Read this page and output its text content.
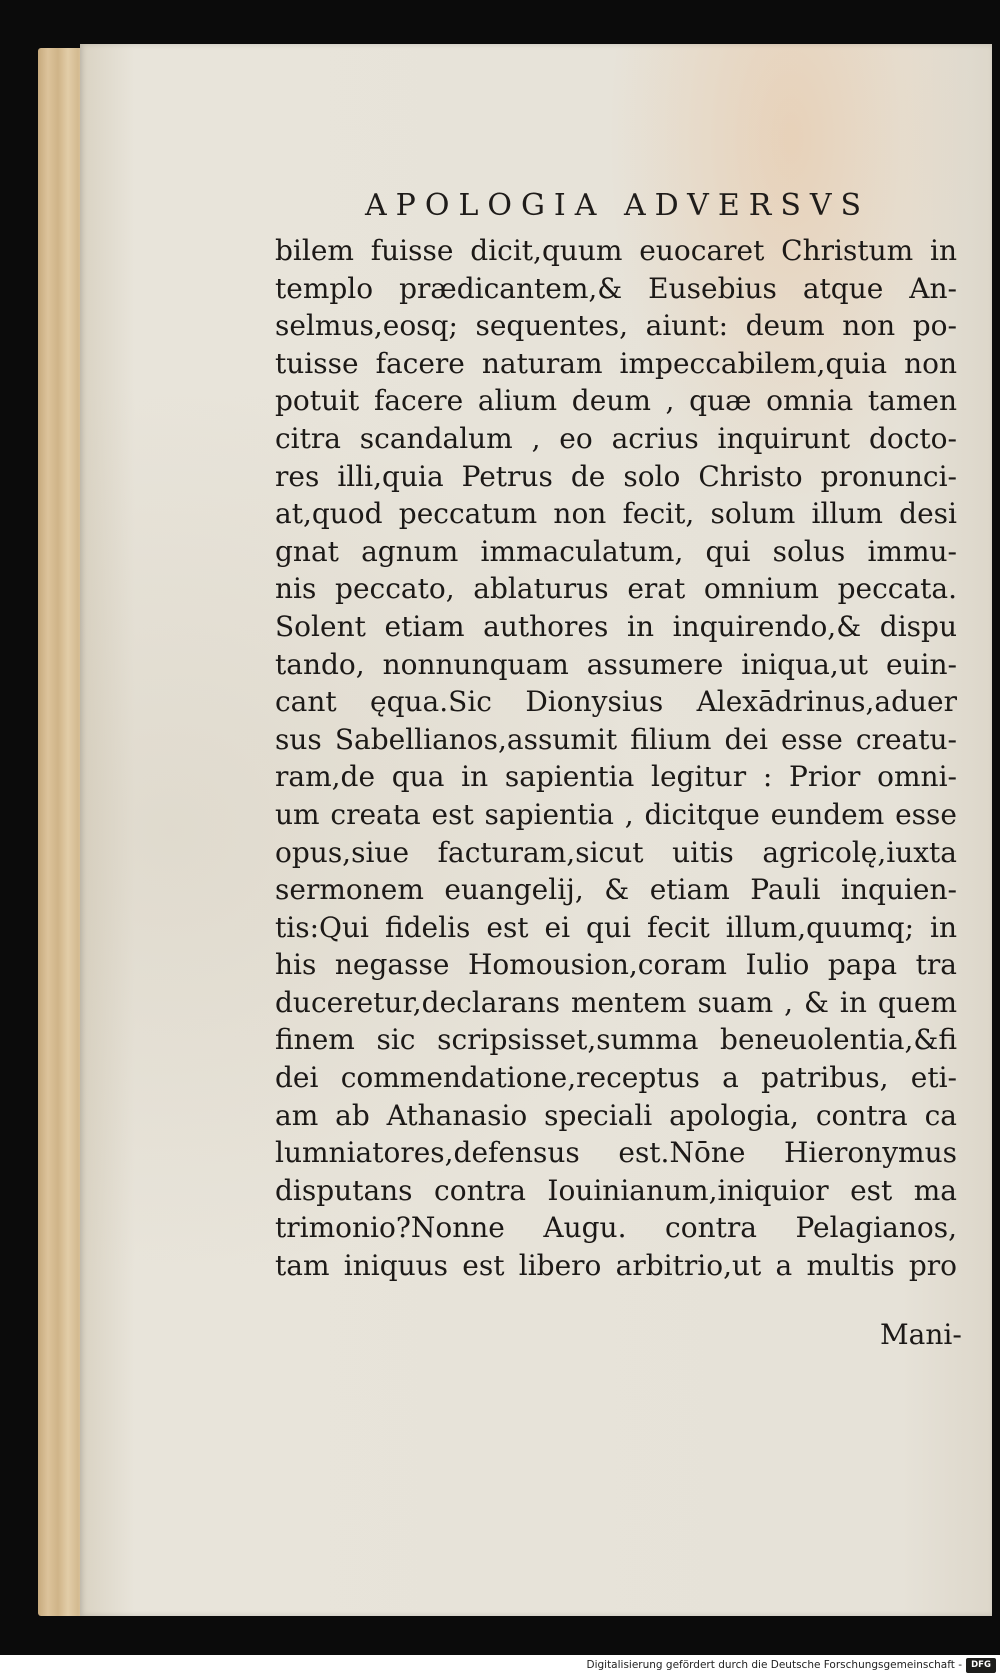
APOLOGIA ADVERSVS
bilem fuisse dicit,quum euocaret Christum in
templo prædicantem,& Eusebius atque An-
selmus,eosq; sequentes, aiunt: deum non po-
tuisse facere naturam impeccabilem,quia non
potuit facere alium deum , quæ omnia tamen
citra scandalum , eo acrius inquirunt docto-
res illi,quia Petrus de solo Christo pronunci-
at,quod peccatum non fecit, solum illum desi
gnat agnum immaculatum, qui solus immu-
nis peccato, ablaturus erat omnium peccata.
Solent etiam authores in inquirendo,& dispu
tando, nonnunquam assumere iniqua,ut euin-
cant ęqua.Sic Dionysius Alexādrinus,aduer
sus Sabellianos,assumit filium dei esse creatu-
ram,de qua in sapientia legitur : Prior omni-
um creata est sapientia , dicitque eundem esse
opus,siue facturam,sicut uitis agricolę,iuxta
sermonem euangelij, & etiam Pauli inquien-
tis:Qui fidelis est ei qui fecit illum,quumq; in
his negasse Homousion,coram Iulio papa tra
duceretur,declarans mentem suam , & in quem
finem sic scripsisset,summa beneuolentia,&fi
dei commendatione,receptus a patribus, eti-
am ab Athanasio speciali apologia, contra ca
lumniatores,defensus est.Nōne Hieronymus
disputans contra Iouinianum,iniquior est ma
trimonio?Nonne Augu. contra Pelagianos,
tam iniquus est libero arbitrio,ut a multis pro
Mani-
Digitalisierung gefördert durch die Deutsche Forschungsgemeinschaft -	DFG
